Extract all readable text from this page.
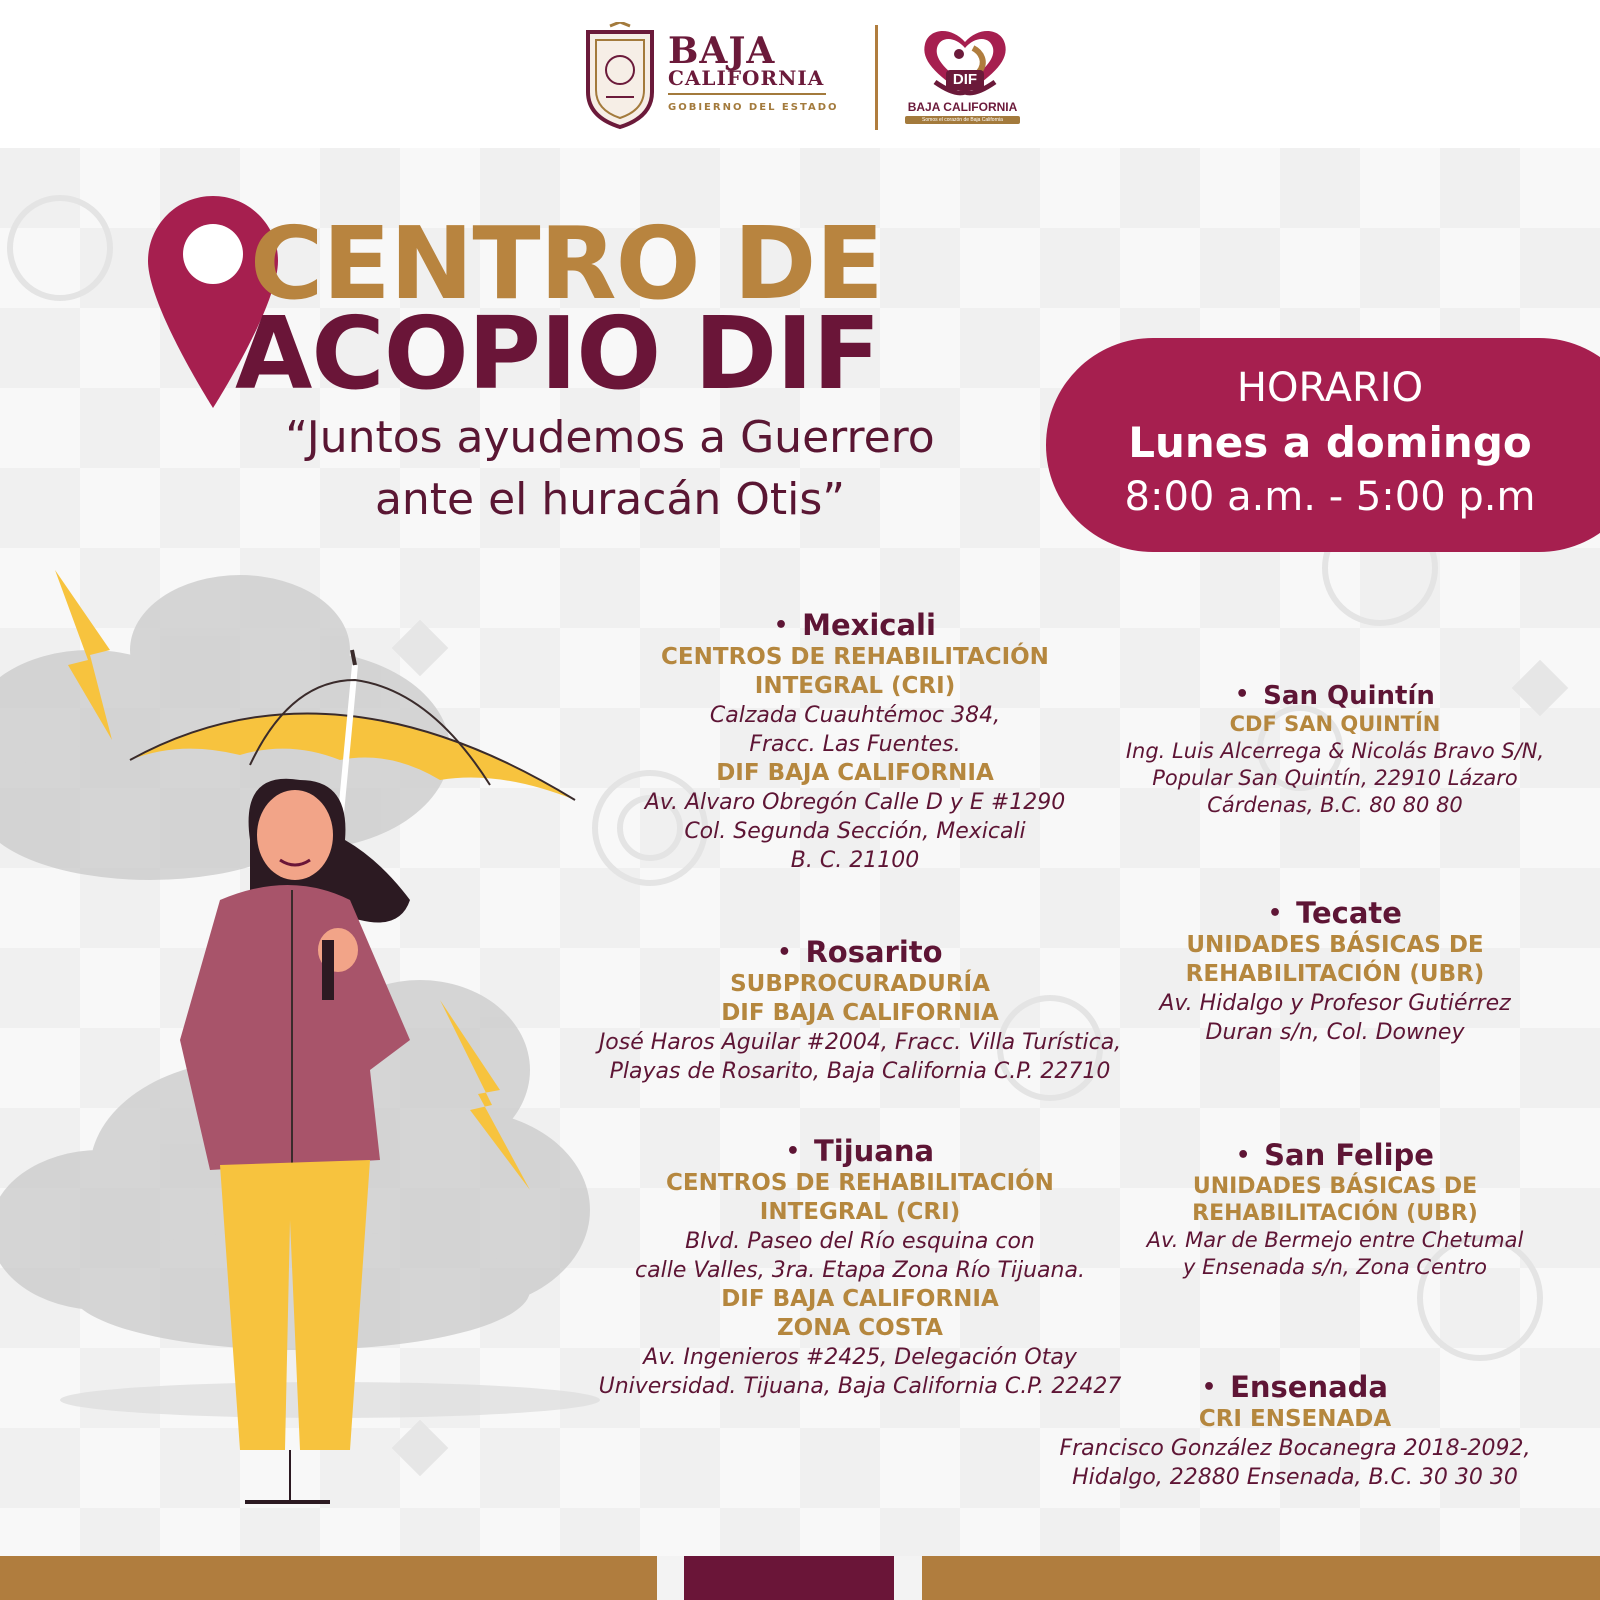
BAJA
CALIFORNIA
GOBIERNO DEL ESTADO
DIF
BAJA CALIFORNIA
Somos el corazón de Baja California
CENTRO DE
ACOPIO DIF
“Juntos ayudemos a Guerrero
ante el huracán Otis”
HORARIO
Lunes a domingo
8:00 a.m. - 5:00 p.m
• Mexicali
CENTROS DE REHABILITACIÓN
INTEGRAL (CRI)
Calzada Cuauhtémoc 384,
Fracc. Las Fuentes.
DIF BAJA CALIFORNIA
Av. Alvaro Obregón Calle D y E #1290
Col. Segunda Sección, Mexicali
B. C. 21100
• San Quintín
CDF SAN QUINTÍN
Ing. Luis Alcerrega & Nicolás Bravo S/N,
Popular San Quintín, 22910 Lázaro
Cárdenas, B.C. 80 80 80
• Tecate
UNIDADES BÁSICAS DE
REHABILITACIÓN (UBR)
Av. Hidalgo y Profesor Gutiérrez
Duran s/n, Col. Downey
• Rosarito
SUBPROCURADURÍA
DIF BAJA CALIFORNIA
José Haros Aguilar #2004, Fracc. Villa Turística,
Playas de Rosarito, Baja California C.P. 22710
• Tijuana
CENTROS DE REHABILITACIÓN
INTEGRAL (CRI)
Blvd. Paseo del Río esquina con
calle Valles, 3ra. Etapa Zona Río Tijuana.
DIF BAJA CALIFORNIA
ZONA COSTA
Av. Ingenieros #2425, Delegación Otay
Universidad. Tijuana, Baja California C.P. 22427
• San Felipe
UNIDADES BÁSICAS DE
REHABILITACIÓN (UBR)
Av. Mar de Bermejo entre Chetumal
y Ensenada s/n, Zona Centro
• Ensenada
CRI ENSENADA
Francisco González Bocanegra 2018-2092,
Hidalgo, 22880 Ensenada, B.C. 30 30 30
